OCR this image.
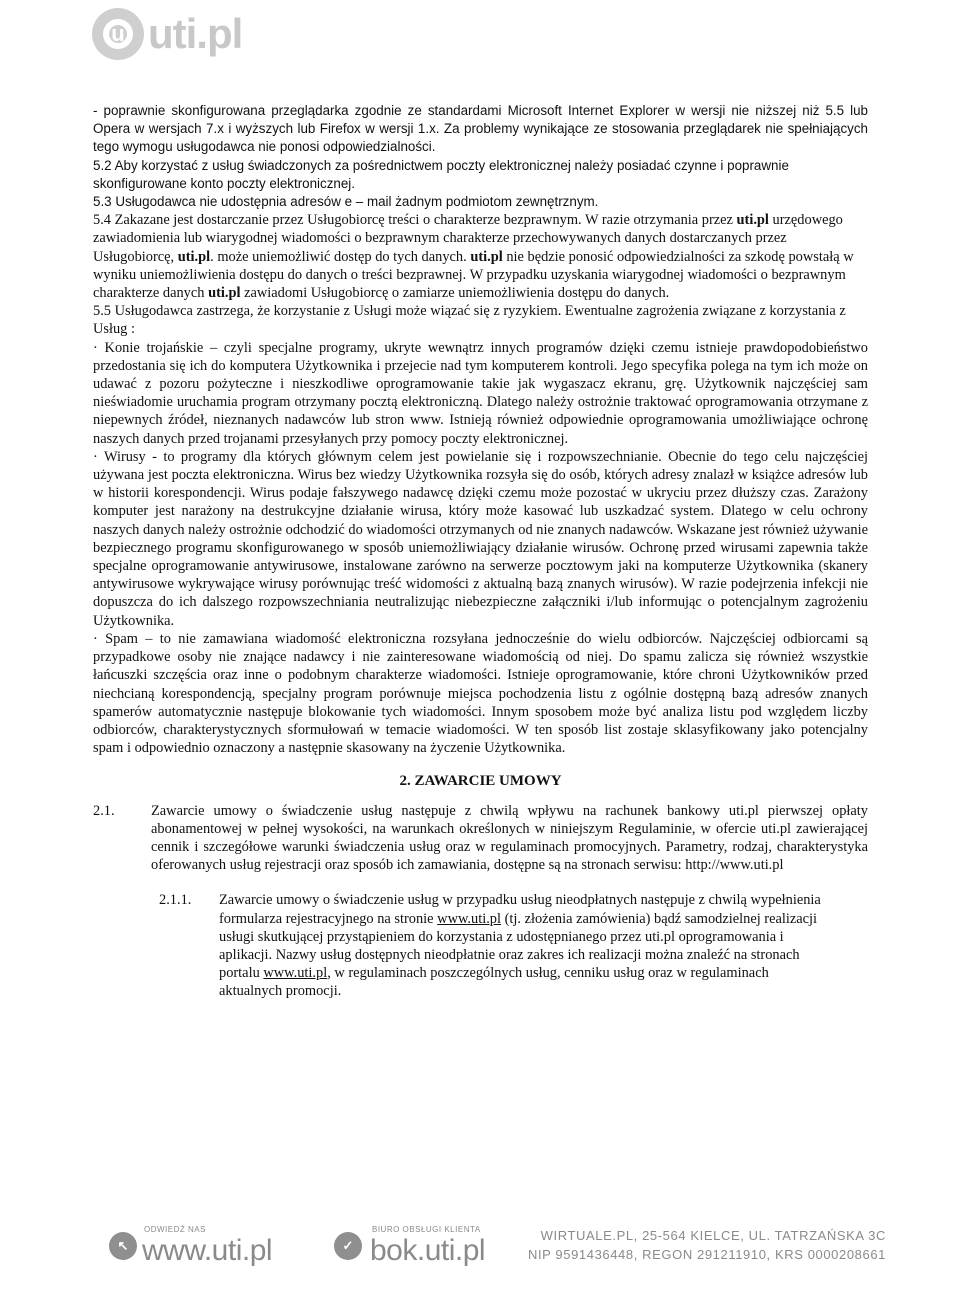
u uti.pl

- poprawnie skonfigurowana przeglądarka zgodnie ze standardami Microsoft Internet Explorer w wersji nie niższej niż 5.5 lub Opera w wersjach 7.x i wyższych lub Firefox w wersji 1.x. Za problemy wynikające ze stosowania przeglądarek nie spełniających tego wymogu usługodawca nie ponosi odpowiedzialności.

5.2 Aby korzystać z usług świadczonych za pośrednictwem poczty elektronicznej należy posiadać czynne i poprawnie skonfigurowane konto poczty elektronicznej.

5.3 Usługodawca nie udostępnia adresów e – mail żadnym podmiotom zewnętrznym.

5.4 Zakazane jest dostarczanie przez Usługobiorcę treści o charakterze bezprawnym. W razie otrzymania przez uti.pl urzędowego zawiadomienia lub wiarygodnej wiadomości o bezprawnym charakterze przechowywanych danych dostarczanych przez Usługobiorcę, uti.pl. może uniemożliwić dostęp do tych danych. uti.pl nie będzie ponosić odpowiedzialności za szkodę powstałą w wyniku uniemożliwienia dostępu do danych o treści bezprawnej. W przypadku uzyskania wiarygodnej wiadomości o bezprawnym charakterze danych uti.pl zawiadomi Usługobiorcę o zamiarze uniemożliwienia dostępu do danych.

5.5 Usługodawca zastrzega, że korzystanie z Usługi może wiązać się z ryzykiem. Ewentualne zagrożenia związane z korzystania z Usług :

· Konie trojańskie – czyli specjalne programy, ukryte wewnątrz innych programów dzięki czemu istnieje prawdopodobieństwo przedostania się ich do komputera Użytkownika i przejecie nad tym komputerem kontroli. Jego specyfika polega na tym ich może on udawać z pozoru pożyteczne i nieszkodliwe oprogramowanie takie jak wygaszacz ekranu, grę. Użytkownik najczęściej sam nieświadomie uruchamia program otrzymany pocztą elektroniczną. Dlatego należy ostrożnie traktować oprogramowania otrzymane z niepewnych źródeł, nieznanych nadawców lub stron www. Istnieją również odpowiednie oprogramowania umożliwiające ochronę naszych danych przed trojanami przesyłanych przy pomocy poczty elektronicznej.

· Wirusy - to programy dla których głównym celem jest powielanie się i rozpowszechnianie. Obecnie do tego celu najczęściej używana jest poczta elektroniczna. Wirus bez wiedzy Użytkownika rozsyła się do osób, których adresy znalazł w książce adresów lub w historii korespondencji. Wirus podaje fałszywego nadawcę dzięki czemu może pozostać w ukryciu przez dłuższy czas. Zarażony komputer jest narażony na destrukcyjne działanie wirusa, który może kasować lub uszkadzać system. Dlatego w celu ochrony naszych danych należy ostrożnie odchodzić do wiadomości otrzymanych od nie znanych nadawców. Wskazane jest również używanie bezpiecznego programu skonfigurowanego w sposób uniemożliwiający działanie wirusów. Ochronę przed wirusami zapewnia także specjalne oprogramowanie antywirusowe, instalowane zarówno na serwerze pocztowym jaki na komputerze Użytkownika (skanery antywirusowe wykrywające wirusy porównując treść widomości z aktualną bazą znanych wirusów). W razie podejrzenia infekcji nie dopuszcza do ich dalszego rozpowszechniania neutralizując niebezpieczne załączniki i/lub informując o potencjalnym zagrożeniu Użytkownika.

· Spam – to nie zamawiana wiadomość elektroniczna rozsyłana jednocześnie do wielu odbiorców. Najczęściej odbiorcami są przypadkowe osoby nie znające nadawcy i nie zainteresowane wiadomością od niej. Do spamu zalicza się również wszystkie łańcuszki szczęścia oraz inne o podobnym charakterze wiadomości. Istnieje oprogramowanie, które chroni Użytkowników przed niechcianą korespondencją, specjalny program porównuje miejsca pochodzenia listu z ogólnie dostępną bazą adresów znanych spamerów automatycznie następuje blokowanie tych wiadomości. Innym sposobem może być analiza listu pod względem liczby odbiorców, charakterystycznych sformułowań w temacie wiadomości. W ten sposób list zostaje sklasyfikowany jako potencjalny spam i odpowiednio oznaczony a następnie skasowany na życzenie Użytkownika.

2. ZAWARCIE UMOWY

2.1.	Zawarcie umowy o świadczenie usług następuje z chwilą wpływu na rachunek bankowy uti.pl pierwszej opłaty abonamentowej w pełnej wysokości, na warunkach określonych w niniejszym Regulaminie, w ofercie uti.pl zawierającej cennik i szczegółowe warunki świadczenia usług oraz w regulaminach promocyjnych. Parametry, rodzaj, charakterystyka oferowanych usług rejestracji oraz sposób ich zamawiania, dostępne są na stronach serwisu: http://www.uti.pl
2.1.1.	Zawarcie umowy o świadczenie usług w przypadku usług nieodpłatnych następuje z chwilą wypełnienia formularza rejestracyjnego na stronie www.uti.pl (tj. złożenia zamówienia) bądź samodzielnej realizacji usługi skutkującej przystąpieniem do korzystania z udostępnianego przez uti.pl oprogramowania i aplikacji. Nazwy usług dostępnych nieodpłatnie oraz zakres ich realizacji można znaleźć na stronach portalu www.uti.pl, w regulaminach poszczególnych usług, cenniku usług oraz w regulaminach aktualnych promocji.
↖
ODWIEDŹ NAS
www.uti.pl	✓
BIURO OBSŁUGI KLIENTA
bok.uti.pl	WIRTUALE.PL, 25-564 KIELCE, UL. TATRZAŃSKA 3C
NIP 9591436448, REGON 291211910, KRS 0000208661
